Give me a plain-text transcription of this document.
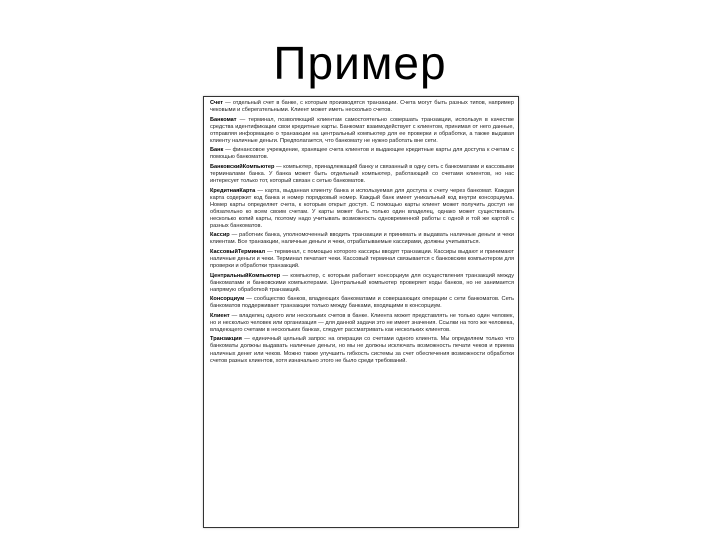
Пример

Счет — отдельный счет в банке, с которым производятся транзакции. Счета могут быть разных типов, например чековыми и сберегательными. Клиент может иметь несколько счетов.

Банкомат — терминал, позволяющий клиентам самостоятельно совершать транзакции, используя в качестве средства идентификации свои кредитные карты. Банкомат взаимодействует с клиентом, принимая от него данные, отправляя информацию о транзакции на центральный компьютер для ее проверки и обработки, а также выдавая клиенту наличные деньги. Предполагается, что банкомату не нужно работать вне сети.

Банк — финансовое учреждение, хранящее счета клиентов и выдающее кредитные карты для доступа к счетам с помощью банкоматов.

БанковскийКомпьютер — компьютер, принадлежащий банку и связанный в одну сеть с банкоматами и кассовыми терминалами банка. У банка может быть отдельный компьютер, работающий со счетами клиентов, но нас интересует только тот, который связан с сетью банкоматов.

КредитнаяКарта — карта, выданная клиенту банка и используемая для доступа к счету через банкомат. Каждая карта содержит код банка и номер порядковый номер. Каждый банк имеет уникальный код внутри консорциума. Номер карты определяет счета, к которым открыт доступ. С помощью карты клиент может получить доступ не обязательно ко всем своим счетам. У карты может быть только один владелец, однако может существовать несколько копий карты, поэтому надо учитывать возможность одновременной работы с одной и той же картой с разных банкоматов.

Кассир — работник банка, уполномоченный вводить транзакции и принимать и выдавать наличные деньги и чеки клиентам. Все транзакции, наличные деньги и чеки, отрабатываемые кассирами, должны учитываться.

КассовыйТерминал — терминал, с помощью которого кассиры вводят транзакции. Кассиры выдают и принимают наличные деньги и чеки. Терминал печатает чеки. Кассовый терминал связывается с банковским компьютером для проверки и обработки транзакций.

ЦентральныйКомпьютер — компьютер, с которым работает консорциум для осуществления транзакций между банкоматами и банковскими компьютерами. Центральный компьютер проверяет коды банков, но не занимается напрямую обработкой транзакций.

Консорциум — сообщество банков, владеющих банкоматами и совершающих операции с сети банкоматов. Сеть банкоматов поддерживает транзакции только между банками, входящими в консорциум.

Клиент — владелец одного или нескольких счетов в банке. Клиента может представлять не только один человек, но и несколько человек или организация — для данной задачи это не имеет значения. Ссылки на того же человека, владеющего счетами в нескольких банках, следует рассматривать как нескольких клиентов.

Транзакция — единичный цельный запрос на операции со счетами одного клиента. Мы определяем только что банкоматы должны выдавать наличные деньги, но мы не должны исключать возможность печати чеков и приема наличных денег или чеков. Можно также улучшить гибкость системы за счет обеспечения возможности обработки счетов разных клиентов, хотя изначально этого не было среди требований.
